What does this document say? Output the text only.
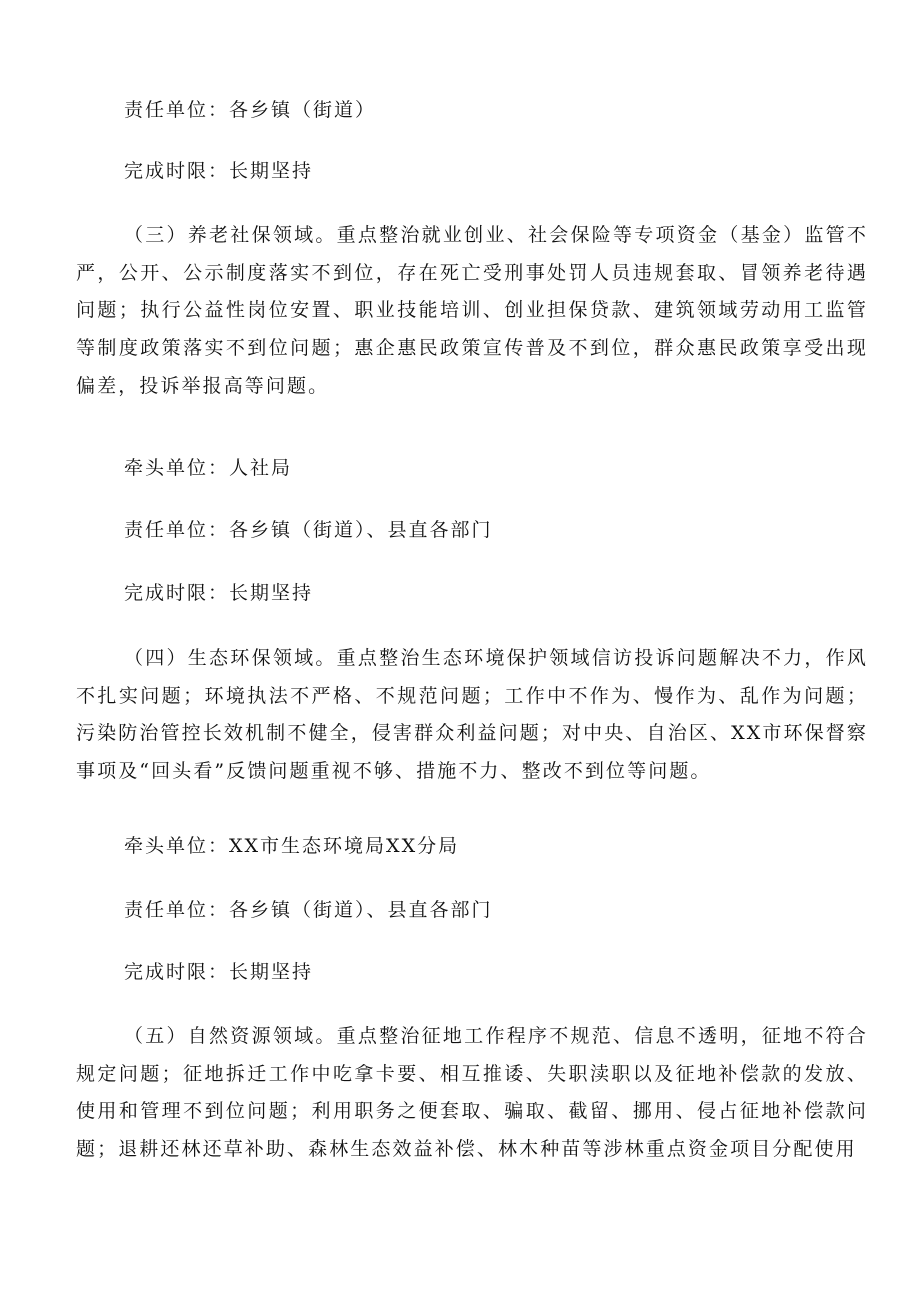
责任单位：各乡镇（街道）
完成时限：长期坚持
（三）养老社保领域。重点整治就业创业、社会保险等专项资金（基金）监管不严，公开、公示制度落实不到位，存在死亡受刑事处罚人员违规套取、冒领养老待遇问题；执行公益性岗位安置、职业技能培训、创业担保贷款、建筑领域劳动用工监管等制度政策落实不到位问题；惠企惠民政策宣传普及不到位，群众惠民政策享受出现偏差，投诉举报高等问题。
牵头单位：人社局
责任单位：各乡镇（街道）、县直各部门
完成时限：长期坚持
（四）生态环保领域。重点整治生态环境保护领域信访投诉问题解决不力，作风不扎实问题；环境执法不严格、不规范问题；工作中不作为、慢作为、乱作为问题；污染防治管控长效机制不健全，侵害群众利益问题；对中央、自治区、XX市环保督察事项及“回头看”反馈问题重视不够、措施不力、整改不到位等问题。
牵头单位：XX市生态环境局XX分局
责任单位：各乡镇（街道）、县直各部门
完成时限：长期坚持
（五）自然资源领域。重点整治征地工作程序不规范、信息不透明，征地不符合规定问题；征地拆迁工作中吃拿卡要、相互推诿、失职渎职以及征地补偿款的发放、使用和管理不到位问题；利用职务之便套取、骗取、截留、挪用、侵占征地补偿款问题；退耕还林还草补助、森林生态效益补偿、林木种苗等涉林重点资金项目分配使用
